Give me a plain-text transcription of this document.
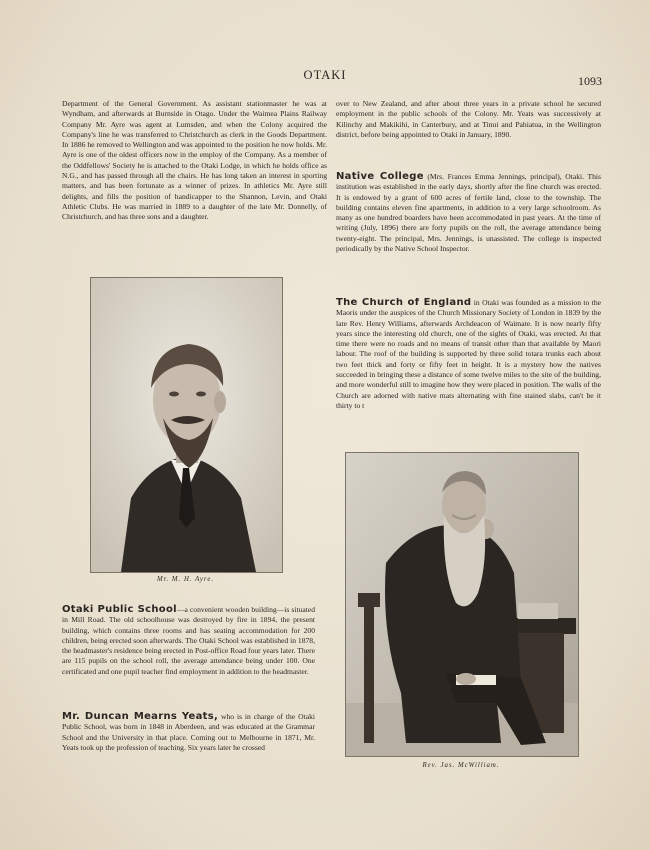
OTAKI	1093

Department of the General Government. As assistant stationmaster he was at Wyndham, and afterwards at Burnside in Otago. Under the Waimea Plains Railway Company Mr. Ayre was agent at Lumsden, and when the Colony acquired the Company's line he was transferred to Christchurch as clerk in the Goods Department. In 1886 he removed to Wellington and was appointed to the position he now holds. Mr. Ayre is one of the oldest officers now in the employ of the Company. As a member of the Oddfellows' Society he is attached to the Otaki Lodge, in which he holds office as N.G., and has passed through all the chairs. He has long taken an interest in sporting matters, and has been fortunate as a winner of prizes. In athletics Mr. Ayre still delights, and fills the position of handicapper to the Shannon, Levin, and Otaki Athletic Clubs. He was married in 1889 to a daughter of the late Mr. Donnelly, of Christchurch, and has three sons and a daughter.

Mr. M. H. Ayre.

Otaki Public School—a convenient wooden building—is situated in Mill Road. The old schoolhouse was destroyed by fire in 1894, the present building, which contains three rooms and has seating accommodation for 200 children, being erected soon afterwards. The Otaki School was established in 1878, the headmaster's residence being erected in Post-office Road four years later. There are 115 pupils on the school roll, the average attendance being under 100. One certificated and one pupil teacher find employment in addition to the headmaster.

Mr. Duncan Mearns Yeats, who is in charge of the Otaki Public School, was born in 1848 in Aberdeen, and was educated at the Grammar School and the University in that place. Coming out to Melbourne in 1871, Mr. Yeats took up the profession of teaching. Six years later he crossed

over to New Zealand, and after about three years in a private school he secured employment in the public schools of the Colony. Mr. Yeats was successively at Kilinchy and Makikihi, in Canterbury, and at Tinui and Pahiatua, in the Wellington district, before being appointed to Otaki in January, 1890.

Native College (Mrs. Frances Emma Jennings, principal), Otaki. This institution was established in the early days, shortly after the fine church was erected. It is endowed by a grant of 600 acres of fertile land, close to the township. The building contains eleven fine apartments, in addition to a very large schoolroom. As many as one hundred boarders have been accommodated in past years. At the time of writing (July, 1896) there are forty pupils on the roll, the average attendance being twenty-eight. The principal, Mrs. Jennings, is unassisted. The college is inspected periodically by the Native School Inspector.

The Church of England in Otaki was founded as a mission to the Maoris under the auspices of the Church Missionary Society of London in 1839 by the late Rev. Henry Williams, afterwards Archdeacon of Waimate. It is now nearly fifty years since the interesting old church, one of the sights of Otaki, was erected. At that time there were no roads and no means of transit other than that available by Maori labour. The roof of the building is supported by three solid totara trunks each about two feet thick and forty or fifty feet in height. It is a mystery how the natives succeeded in bringing these a distance of some twelve miles to the site of the building, and more wonderful still to imagine how they were placed in position. The walls of the Church are adorned with native mats alternating with fine stained slabs, can't be it thirty to t

Rev. Jas. McWilliam.
